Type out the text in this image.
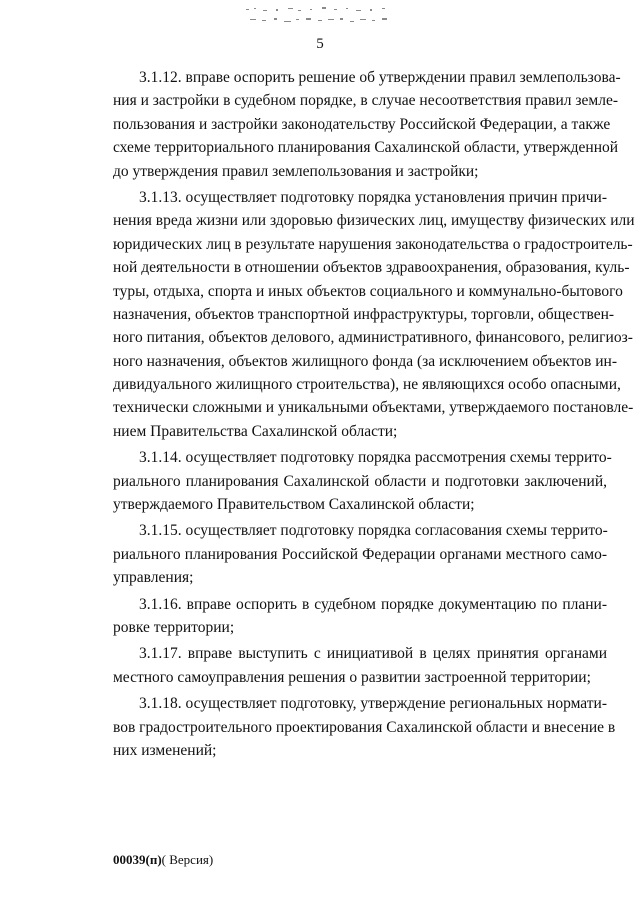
5
3.1.12. вправе оспорить решение об утверждении правил землепользова-
ния и застройки в судебном порядке, в случае несоответствия правил земле-
пользования и застройки законодательству Российской Федерации, а также
схеме территориального планирования Сахалинской области, утвержденной
до утверждения правил землепользования и застройки;
3.1.13. осуществляет подготовку порядка установления причин причи-
нения вреда жизни или здоровью физических лиц, имуществу физических или
юридических лиц в результате нарушения законодательства о градостроитель-
ной деятельности в отношении объектов здравоохранения, образования, куль-
туры, отдыха, спорта и иных объектов социального и коммунально-бытового
назначения, объектов транспортной инфраструктуры, торговли, обществен-
ного питания, объектов делового, административного, финансового, религиоз-
ного назначения, объектов жилищного фонда (за исключением объектов ин-
дивидуального жилищного строительства), не являющихся особо опасными,
технически сложными и уникальными объектами, утверждаемого постановле-
нием Правительства Сахалинской области;
3.1.14. осуществляет подготовку порядка рассмотрения схемы террито-
риального планирования Сахалинской области и подготовки заключений,
утверждаемого Правительством Сахалинской области;
3.1.15. осуществляет подготовку порядка согласования схемы террито-
риального планирования Российской Федерации органами местного само-
управления;
3.1.16. вправе оспорить в судебном порядке документацию по плани-
ровке территории;
3.1.17. вправе выступить с инициативой в целях принятия органами
местного самоуправления решения о развитии застроенной территории;
3.1.18. осуществляет подготовку, утверждение региональных нормати-
вов градостроительного проектирования Сахалинской области и внесение в
них изменений;
00039(п)( Версия)
